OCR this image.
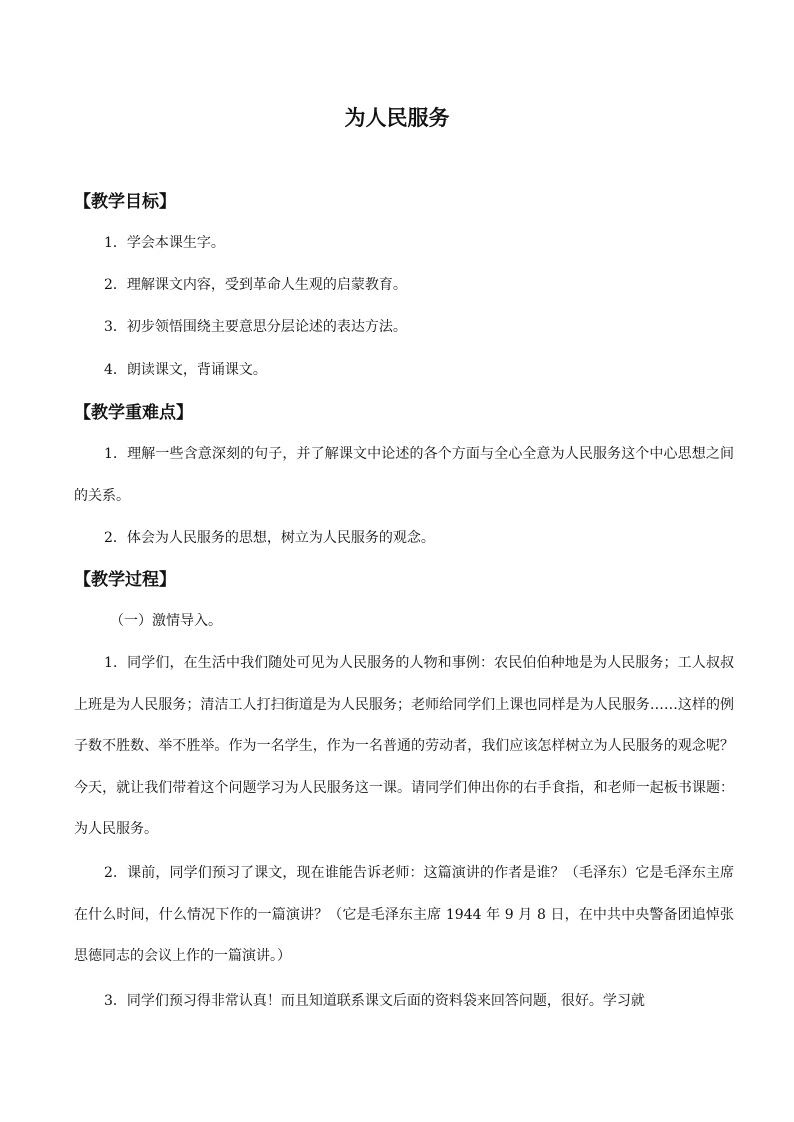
为人民服务
【教学目标】

1．学会本课生字。

2．理解课文内容，受到革命人生观的启蒙教育。

3．初步领悟围绕主要意思分层论述的表达方法。

4．朗读课文，背诵课文。

【教学重难点】

1．理解一些含意深刻的句子，并了解课文中论述的各个方面与全心全意为人民服务这个中心思想之间的关系。

2．体会为人民服务的思想，树立为人民服务的观念。

【教学过程】

（一）激情导入。

1．同学们，在生活中我们随处可见为人民服务的人物和事例：农民伯伯种地是为人民服务；工人叔叔上班是为人民服务；清洁工人打扫街道是为人民服务；老师给同学们上课也同样是为人民服务……这样的例子数不胜数、举不胜举。作为一名学生，作为一名普通的劳动者，我们应该怎样树立为人民服务的观念呢？今天，就让我们带着这个问题学习为人民服务这一课。请同学们伸出你的右手食指，和老师一起板书课题：为人民服务。

2．课前，同学们预习了课文，现在谁能告诉老师：这篇演讲的作者是谁？（毛泽东）它是毛泽东主席在什么时间，什么情况下作的一篇演讲？（它是毛泽东主席 1944 年 9 月 8 日，在中共中央警备团追悼张思德同志的会议上作的一篇演讲。）

3．同学们预习得非常认真！而且知道联系课文后面的资料袋来回答问题，很好。学习就
